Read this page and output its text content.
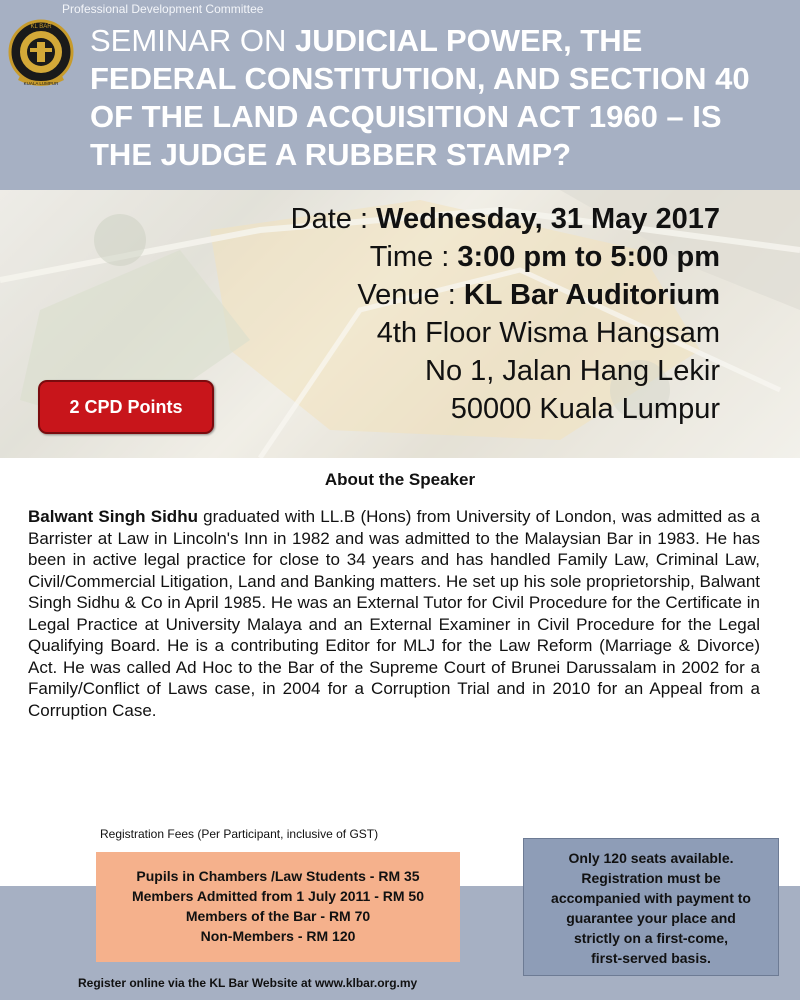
Professional Development Committee
KL BAR
KUALA LUMPUR
SEMINAR ON JUDICIAL POWER, THE FEDERAL CONSTITUTION, AND SECTION 40 OF THE LAND ACQUISITION ACT 1960 – IS THE JUDGE A RUBBER STAMP?
Date : Wednesday, 31 May 2017
Time : 3:00 pm to 5:00 pm
Venue : KL Bar Auditorium
4th Floor Wisma Hangsam
No 1, Jalan Hang Lekir
50000 Kuala Lumpur
2 CPD Points
About the Speaker
Balwant Singh Sidhu graduated with LL.B (Hons) from University of London, was admitted as a Barrister at Law in Lincoln's Inn in 1982 and was admitted to the Malaysian Bar in 1983. He has been in active legal practice for close to 34 years and has handled Family Law, Criminal Law, Civil/Commercial Litigation, Land and Banking matters. He set up his sole proprietorship, Balwant Singh Sidhu & Co in April 1985. He was an External Tutor for Civil Procedure for the Certificate in Legal Practice at University Malaya and an External Examiner in Civil Procedure for the Legal Qualifying Board. He is a contributing Editor for MLJ for the Law Reform (Marriage & Divorce) Act. He was called Ad Hoc to the Bar of the Supreme Court of Brunei Darussalam in 2002 for a Family/Conflict of Laws case, in 2004 for a Corruption Trial and in 2010 for an Appeal from a Corruption Case.
Registration Fees (Per Participant, inclusive of GST)
Pupils in Chambers /Law Students - RM 35
Members Admitted from 1 July 2011 - RM 50
Members of the Bar - RM 70
Non-Members - RM 120
Only 120 seats available.
Registration must be
accompanied with payment to
guarantee your place and
strictly on a first-come,
first-served basis.
Register online via the KL Bar Website at www.klbar.org.my
